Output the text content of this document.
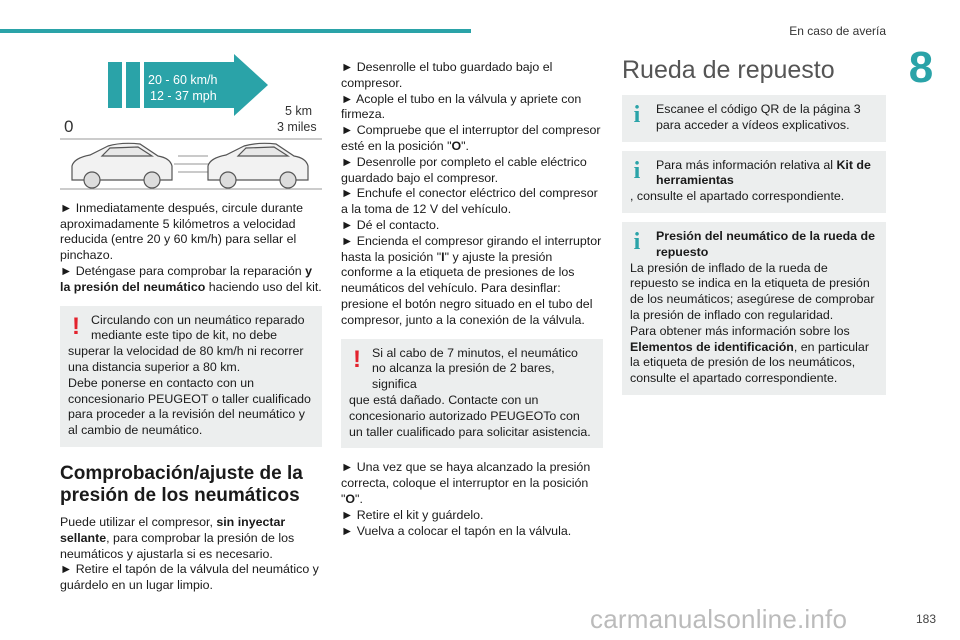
En caso de avería
8
20 - 60 km/h
12 - 37 mph
0
5 km
3 miles

► Inmediatamente después, circule durante aproximadamente 5 kilómetros a velocidad reducida (entre 20 y 60 km/h) para sellar el pinchazo.

► Deténgase para comprobar la reparación y la presión del neumático haciendo uso del kit.

! Circulando con un neumático reparado mediante este tipo de kit, no debe
superar la velocidad de 80 km/h ni recorrer una distancia superior a 80 km.
Debe ponerse en contacto con un concesionario PEUGEOT o taller cualificado para proceder a la revisión del neumático y al cambio de neumático.
Comprobación/ajuste de la presión de los neumáticos

Puede utilizar el compresor, sin inyectar sellante, para comprobar la presión de los neumáticos y ajustarla si es necesario.

► Retire el tapón de la válvula del neumático y guárdelo en un lugar limpio.

► Desenrolle el tubo guardado bajo el compresor.

► Acople el tubo en la válvula y apriete con firmeza.

► Compruebe que el interruptor del compresor esté en la posición "O".

► Desenrolle por completo el cable eléctrico guardado bajo el compresor.

► Enchufe el conector eléctrico del compresor a la toma de 12 V del vehículo.

► Dé el contacto.

► Encienda el compresor girando el interruptor hasta la posición "I" y ajuste la presión conforme a la etiqueta de presiones de los neumáticos del vehículo. Para desinflar: presione el botón negro situado en el tubo del compresor, junto a la conexión de la válvula.

! Si al cabo de 7 minutos, el neumático no alcanza la presión de 2 bares, significa
que está dañado. Contacte con un concesionario autorizado PEUGEOTo con un taller cualificado para solicitar asistencia.

► Una vez que se haya alcanzado la presión correcta, coloque el interruptor en la posición "O".

► Retire el kit y guárdelo.

► Vuelva a colocar el tapón en la válvula.

Rueda de repuesto
i	Escanee el código QR de la página 3 para acceder a vídeos explicativos.
i	Para más información relativa al Kit de herramientas
, consulte el apartado correspondiente.
i	Presión del neumático de la rueda de repuesto
La presión de inflado de la rueda de repuesto se indica en la etiqueta de presión de los neumáticos; asegúrese de comprobar la presión de inflado con regularidad.
Para obtener más información sobre los Elementos de identificación, en particular la etiqueta de presión de los neumáticos, consulte el apartado correspondiente.
183
carmanualsonline.info
